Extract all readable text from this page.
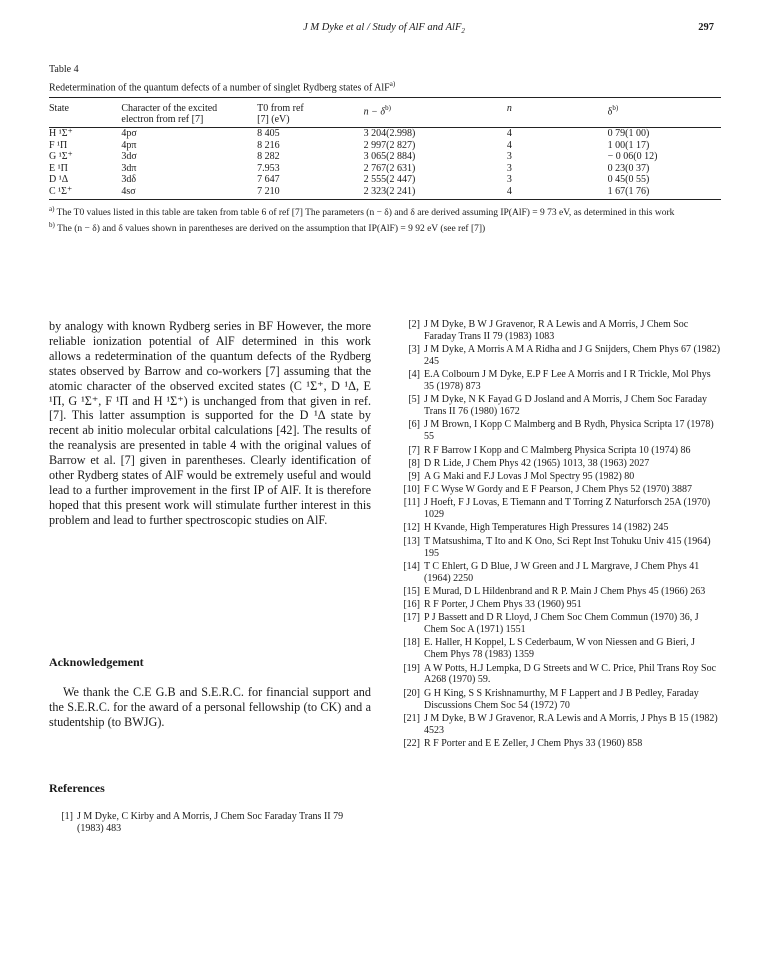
J M Dyke et al / Study of AlF and AlF$_2$	297
Table 4
Redetermination of the quantum defects of a number of singlet Rydberg states of AlF$^{a)}$
State	Character of the excited electron from ref [7]	T0 from ref [7] (eV)	$n - \delta^{b)}$	n	$\delta^{b)}$
H ¹Σ⁺	4pσ	8 405	3 204(2.998)	4	0 79(1 00)
F ¹Π	4pπ	8 216	2 997(2 827)	4	1 00(1 17)
G ¹Σ⁺	3dσ	8 282	3 065(2 884)	3	− 0 06(0 12)
E ¹Π	3dπ	7.953	2 767(2 631)	3	0 23(0 37)
D ¹Δ	3dδ	7 647	2 555(2 447)	3	0 45(0 55)
C ¹Σ⁺	4sσ	7 210	2 323(2 241)	4	1 67(1 76)

$^{a)}$ The T0 values listed in this table are taken from table 6 of ref [7] The parameters (n − δ) and δ are derived assuming IP(AlF) = 9 73 eV, as determined in this work

$^{b)}$ The (n − δ) and δ values shown in parentheses are derived on the assumption that IP(AlF) = 9 92 eV (see ref [7])

by analogy with known Rydberg series in BF However, the more reliable ionization potential of AlF determined in this work allows a redetermination of the quantum defects of the Rydberg states observed by Barrow and co-workers [7] assuming that the atomic character of the observed excited states (C ¹Σ⁺, D ¹Δ, E ¹Π, G ¹Σ⁺, F ¹Π and H ¹Σ⁺) is unchanged from that given in ref. [7]. This latter assumption is supported for the D ¹Δ state by recent ab initio molecular orbital calculations [42]. The results of the reanalysis are presented in table 4 with the original values of Barrow et al. [7] given in parentheses. Clearly identification of other Rydberg states of AlF would be extremely useful and would lead to a further improvement in the first IP of AlF. It is therefore hoped that this present work will stimulate further interest in this problem and lead to further spectroscopic studies on AlF.

Acknowledgement

We thank the C.E G.B and S.E.R.C. for financial support and the S.E.R.C. for the award of a personal fellowship (to CK) and a studentship (to BWJG).

References
[1] J M Dyke, C Kirby and A Morris, J Chem Soc Faraday Trans II 79 (1983) 483
[2] J M Dyke, B W J Gravenor, R A Lewis and A Morris, J Chem Soc Faraday Trans II 79 (1983) 1083
[3] J M Dyke, A Morris A M A Ridha and J G Snijders, Chem Phys 67 (1982) 245
[4] E.A Colbourn J M Dyke, E.P F Lee A Morris and I R Trickle, Mol Phys 35 (1978) 873
[5] J M Dyke, N K Fayad G D Josland and A Morris, J Chem Soc Faraday Trans II 76 (1980) 1672
[6] J M Brown, I Kopp C Malmberg and B Rydh, Physica Scripta 17 (1978) 55
[7] R F Barrow I Kopp and C Malmberg Physica Scripta 10 (1974) 86
[8] D R Lide, J Chem Phys 42 (1965) 1013, 38 (1963) 2027
[9] A G Maki and F.J Lovas J Mol Spectry 95 (1982) 80
[10] F C Wyse W Gordy and E F Pearson, J Chem Phys 52 (1970) 3887
[11] J Hoeft, F J Lovas, E Tiemann and T Torring Z Naturforsch 25A (1970) 1029
[12] H Kvande, High Temperatures High Pressures 14 (1982) 245
[13] T Matsushima, T Ito and K Ono, Sci Rept Inst Tohuku Univ 415 (1964) 195
[14] T C Ehlert, G D Blue, J W Green and J L Margrave, J Chem Phys 41 (1964) 2250
[15] E Murad, D L Hildenbrand and R P. Main J Chem Phys 45 (1966) 263
[16] R F Porter, J Chem Phys 33 (1960) 951
[17] P J Bassett and D R Lloyd, J Chem Soc Chem Commun (1970) 36, J Chem Soc A (1971) 1551
[18] E. Haller, H Koppel, L S Cederbaum, W von Niessen and G Bieri, J Chem Phys 78 (1983) 1359
[19] A W Potts, H.J Lempka, D G Streets and W C. Price, Phil Trans Roy Soc A268 (1970) 59.
[20] G H King, S S Krishnamurthy, M F Lappert and J B Pedley, Faraday Discussions Chem Soc 54 (1972) 70
[21] J M Dyke, B W J Gravenor, R.A Lewis and A Morris, J Phys B 15 (1982) 4523
[22] R F Porter and E E Zeller, J Chem Phys 33 (1960) 858
